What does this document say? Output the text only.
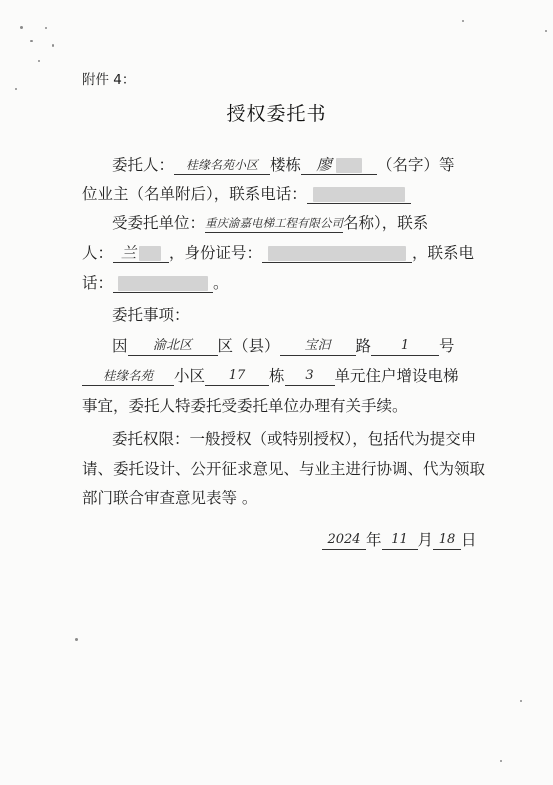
附件 4：
授权委托书
委托人： 桂缘名苑小区 楼栋 廖	（名字）等
位业主（名单附后），联系电话：
受委托单位：重庆渝嘉电梯工程有限公司名称），联系
人： 兰 ，身份证号：	，联系电
话：	。
委托事项：
因 渝北区 区（县） 宝汩 路 1 号
桂缘名苑 小区 17 栋 3 单元住户增设电梯
事宜，委托人特委托受委托单位办理有关手续。
委托权限：一般授权（或特别授权），包括代为提交申
请、委托设计、公开征求意见、与业主进行协调、代为领取
部门联合审查意见表等 。
2024 年 11 月 18 日
